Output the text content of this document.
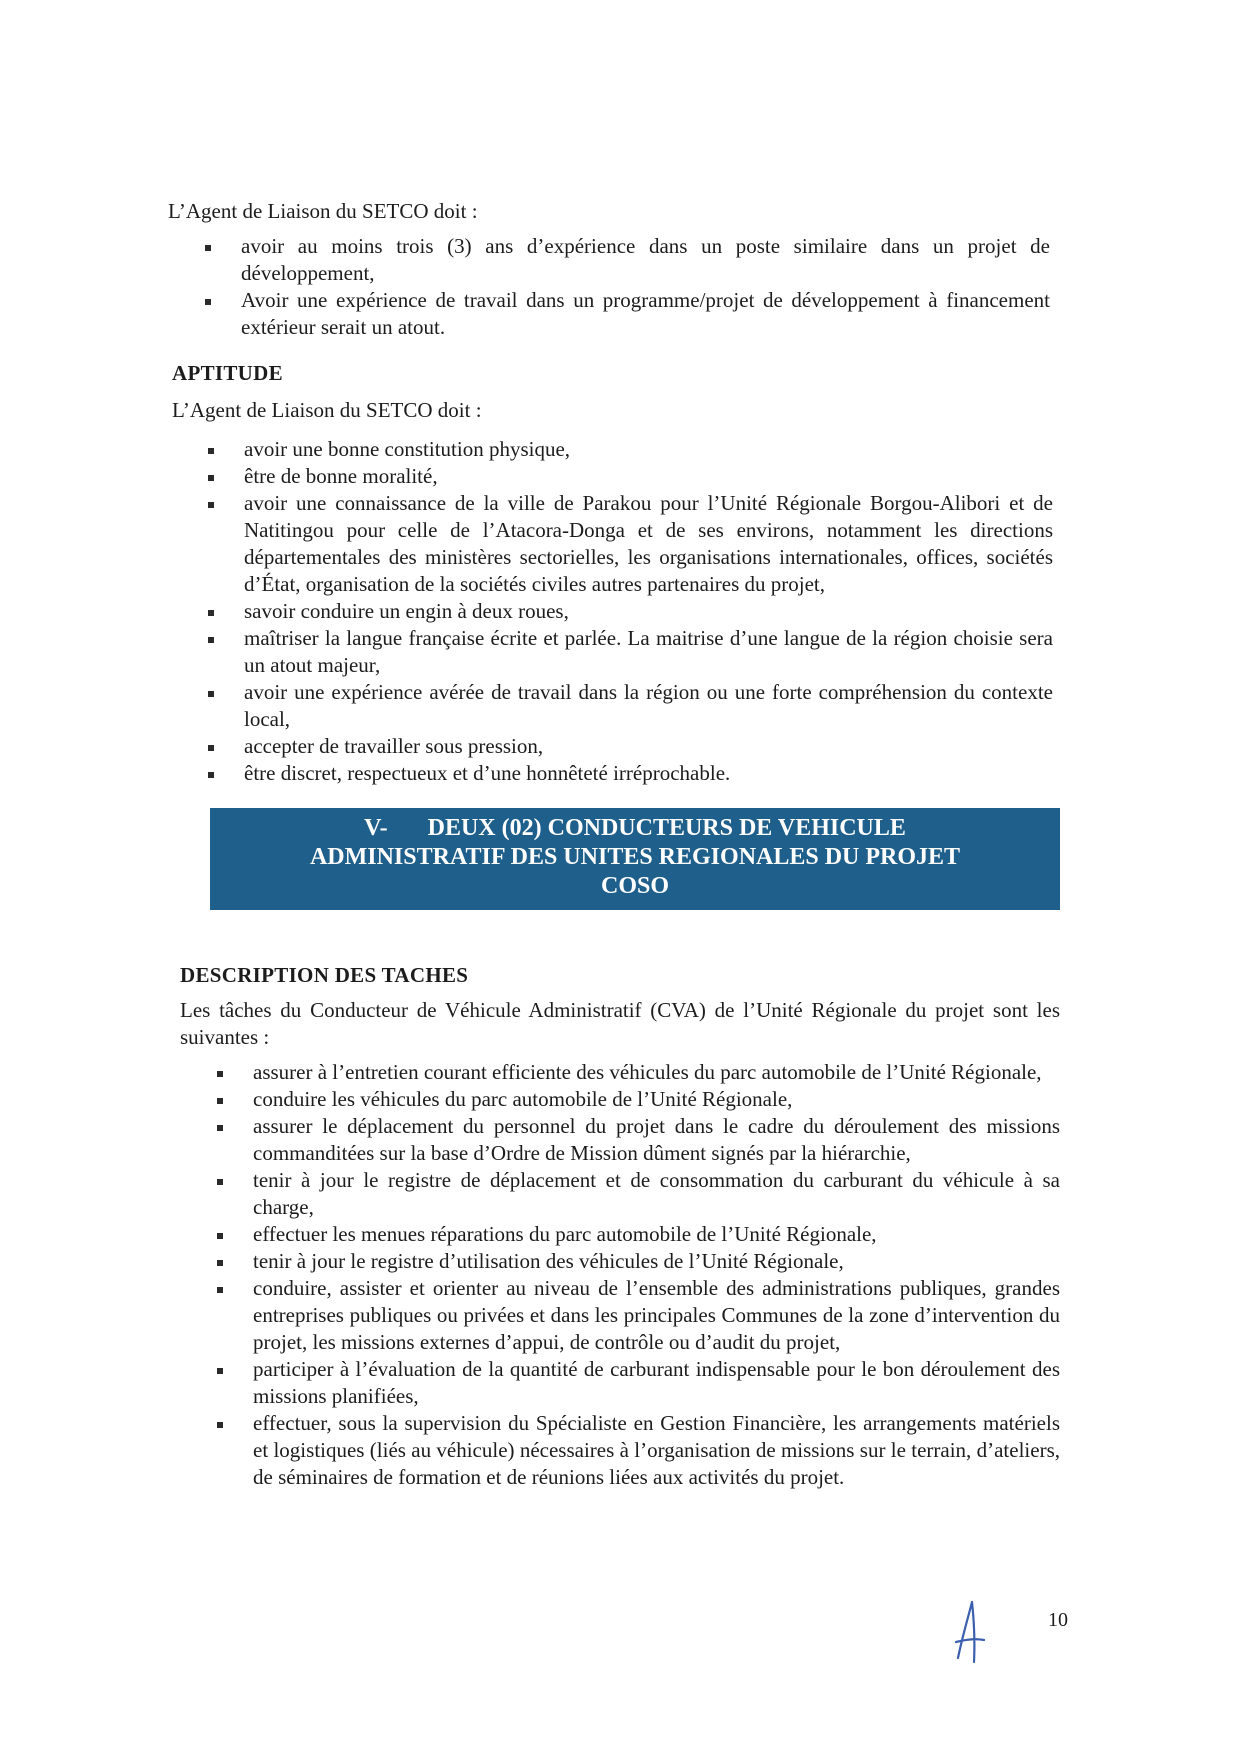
L’Agent de Liaison du SETCO doit :
avoir au moins trois (3) ans d’expérience dans un poste similaire dans un projet de développement,
Avoir une expérience de travail dans un programme/projet de développement à financement extérieur serait un atout.
APTITUDE
L’Agent de Liaison du SETCO doit :
avoir une bonne constitution physique,
être de bonne moralité,
avoir une connaissance de la ville de Parakou pour l’Unité Régionale Borgou-Alibori et de Natitingou pour celle de l’Atacora-Donga et de ses environs, notamment les directions départementales des ministères sectorielles, les organisations internationales, offices, sociétés d’État, organisation de la sociétés civiles autres partenaires du projet,
savoir conduire un engin à deux roues,
maîtriser la langue française écrite et parlée. La maitrise d’une langue de la région choisie sera un atout majeur,
avoir une expérience avérée de travail dans la région ou une forte compréhension du contexte local,
accepter de travailler sous pression,
être discret, respectueux et d’une honnêteté irréprochable.
V- DEUX (02) CONDUCTEURS DE VEHICULE
ADMINISTRATIF DES UNITES REGIONALES DU PROJET
COSO
DESCRIPTION DES TACHES
Les tâches du Conducteur de Véhicule Administratif (CVA) de l’Unité Régionale du projet sont les suivantes :
assurer à l’entretien courant efficiente des véhicules du parc automobile de l’Unité Régionale,
conduire les véhicules du parc automobile de l’Unité Régionale,
assurer le déplacement du personnel du projet dans le cadre du déroulement des missions commanditées sur la base d’Ordre de Mission dûment signés par la hiérarchie,
tenir à jour le registre de déplacement et de consommation du carburant du véhicule à sa charge,
effectuer les menues réparations du parc automobile de l’Unité Régionale,
tenir à jour le registre d’utilisation des véhicules de l’Unité Régionale,
conduire, assister et orienter au niveau de l’ensemble des administrations publiques, grandes entreprises publiques ou privées et dans les principales Communes de la zone d’intervention du projet, les missions externes d’appui, de contrôle ou d’audit du projet,
participer à l’évaluation de la quantité de carburant indispensable pour le bon déroulement des missions planifiées,
effectuer, sous la supervision du Spécialiste en Gestion Financière, les arrangements matériels et logistiques (liés au véhicule) nécessaires à l’organisation de missions sur le terrain, d’ateliers, de séminaires de formation et de réunions liées aux activités du projet.
10
